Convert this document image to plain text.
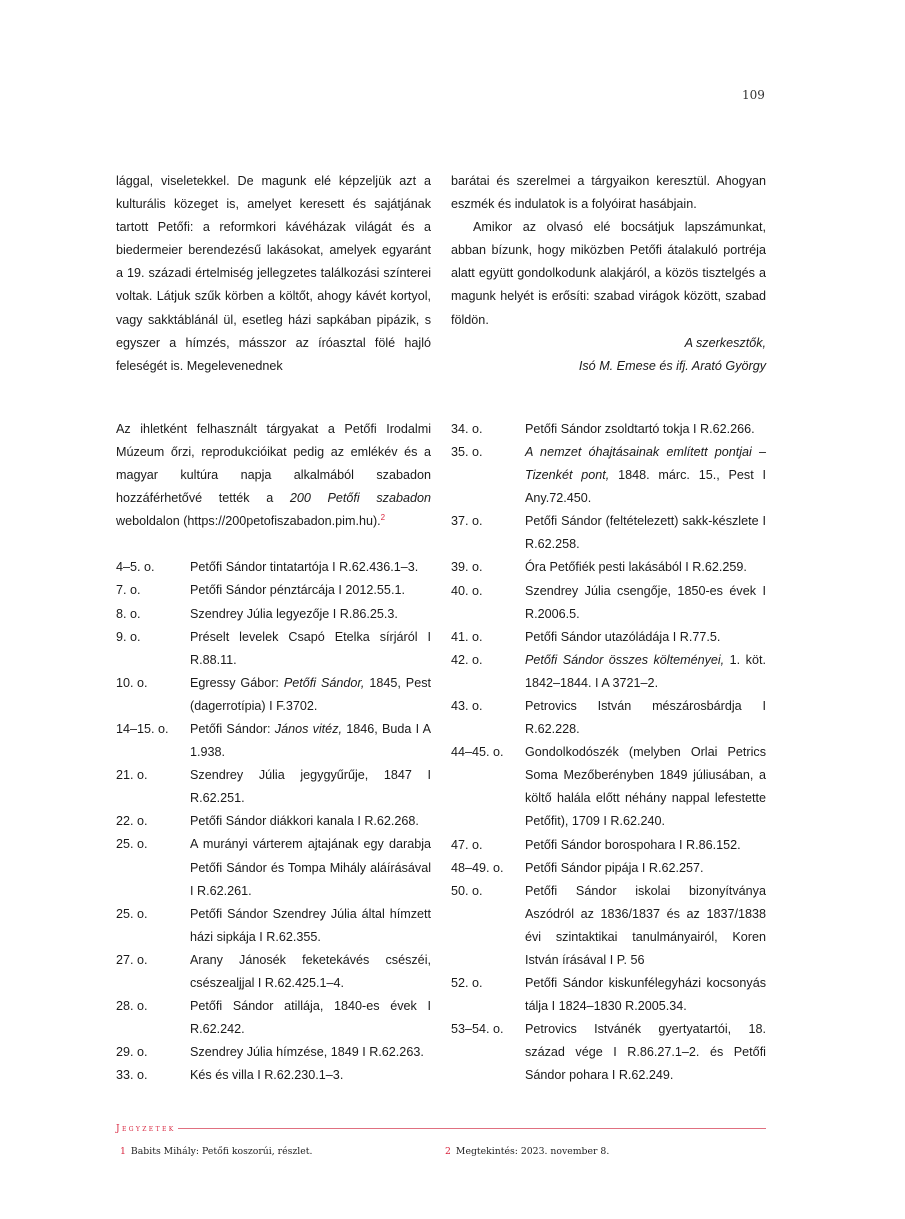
109

lággal, viseletekkel. De magunk elé képzeljük azt a kulturális közeget is, amelyet keresett és sajátjának tartott Petőfi: a reformkori kávéházak világát és a biedermeier berendezésű lakásokat, amelyek egyaránt a 19. századi értelmiség jellegzetes találkozási színterei voltak. Látjuk szűk körben a költőt, ahogy kávét kortyol, vagy sakktáblánál ül, esetleg házi sapkában pipázik, s egyszer a hímzés, másszor az íróasztal fölé hajló feleségét is. Megelevenednek

barátai és szerelmei a tárgyaikon keresztül. Ahogyan eszmék és indulatok is a folyóirat hasábjain.

Amikor az olvasó elé bocsátjuk lapszámunkat, abban bízunk, hogy miközben Petőfi átalakuló portréja alatt együtt gondolkodunk alakjáról, a közös tisztelgés a magunk helyét is erősíti: szabad virágok között, szabad földön.

A szerkesztők,

Isó M. Emese és ifj. Arató György

Az ihletként felhasznált tárgyakat a Petőfi Irodalmi Múzeum őrzi, reprodukcióikat pedig az emlékév és a magyar kultúra napja alkalmából szabadon hozzáférhetővé tették a 200 Petőfi szabadon weboldalon (https://200petofiszabadon.pim.hu).$^2$

4–5. o.	Petőfi Sándor tintatartója I R.62.436.1–3.
7. o.	Petőfi Sándor pénztárcája I 2012.55.1.
8. o.	Szendrey Júlia legyezője I R.86.25.3.
9. o.	Préselt levelek Csapó Etelka sírjáról I R.88.11.
10. o.	Egressy Gábor: Petőfi Sándor, 1845, Pest (dagerrotípia) I F.3702.
14–15. o.	Petőfi Sándor: János vitéz, 1846, Buda I A 1.938.
21. o.	Szendrey Júlia jegygyűrűje, 1847 I R.62.251.
22. o.	Petőfi Sándor diákkori kanala I R.62.268.
25. o.	A murányi várterem ajtajának egy darabja Petőfi Sándor és Tompa Mihály aláírásával I R.62.261.
25. o.	Petőfi Sándor Szendrey Júlia által hímzett házi sipkája I R.62.355.
27. o.	Arany Jánosék feketekávés csészéi, csészealjjal I R.62.425.1–4.
28. o.	Petőfi Sándor atillája, 1840-es évek I R.62.242.
29. o.	Szendrey Júlia hímzése, 1849 I R.62.263.
33. o.	Kés és villa I R.62.230.1–3.
34. o.	Petőfi Sándor zsoldtartó tokja I R.62.266.
35. o.	A nemzet óhajtásainak említett pontjai – Tizenkét pont, 1848. márc. 15., Pest I Any.72.450.
37. o.	Petőfi Sándor (feltételezett) sakk-készlete I R.62.258.
39. o.	Óra Petőfiék pesti lakásából I R.62.259.
40. o.	Szendrey Júlia csengője, 1850-es évek I R.2006.5.
41. o.	Petőfi Sándor utazóládája I R.77.5.
42. o.	Petőfi Sándor összes költeményei, 1. köt. 1842–1844. I A 3721–2.
43. o.	Petrovics István mészárosbárdja I R.62.228.
44–45. o.	Gondolkodószék (melyben Orlai Petrics Soma Mezőberényben 1849 júliusában, a költő halála előtt néhány nappal lefestette Petőfit), 1709 I R.62.240.
47. o.	Petőfi Sándor borospohara I R.86.152.
48–49. o.	Petőfi Sándor pipája I R.62.257.
50. o.	Petőfi Sándor iskolai bizonyítványa Aszódról az 1836/1837 és az 1837/1838 évi szintaktikai tanulmányairól, Koren István írásával I P. 56
52. o.	Petőfi Sándor kiskunfélegyházi kocsonyás tálja I 1824–1830 R.2005.34.
53–54. o.	Petrovics Istvánék gyertyatartói, 18. század vége I R.86.27.1–2. és Petőfi Sándor pohara I R.62.249.
Jegyzetek
1 Babits Mihály: Petőfi koszorúi, részlet.	2 Megtekintés: 2023. november 8.
